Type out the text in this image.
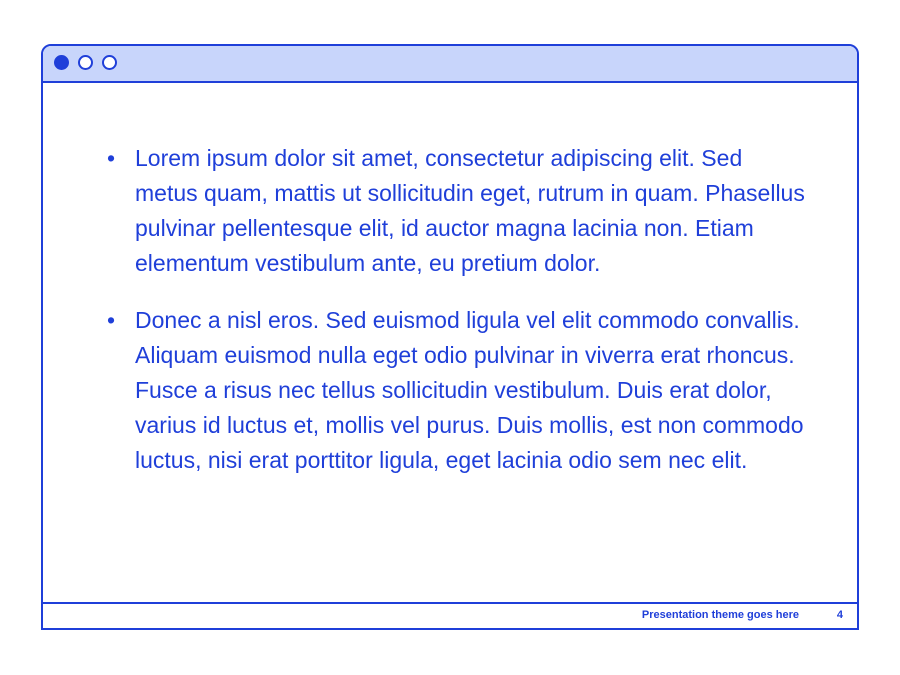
• Lorem ipsum dolor sit amet, consectetur adipiscing elit. Sed metus quam, mattis ut sollicitudin eget, rutrum in quam. Phasellus pulvinar pellentesque elit, id auctor magna lacinia non. Etiam elementum vestibulum ante, eu pretium dolor.
• Donec a nisl eros. Sed euismod ligula vel elit commodo convallis. Aliquam euismod nulla eget odio pulvinar in viverra erat rhoncus. Fusce a risus nec tellus sollicitudin vestibulum. Duis erat dolor, varius id luctus et, mollis vel purus. Duis mollis, est non commodo luctus, nisi erat porttitor ligula, eget lacinia odio sem nec elit.
Presentation theme goes here	4
